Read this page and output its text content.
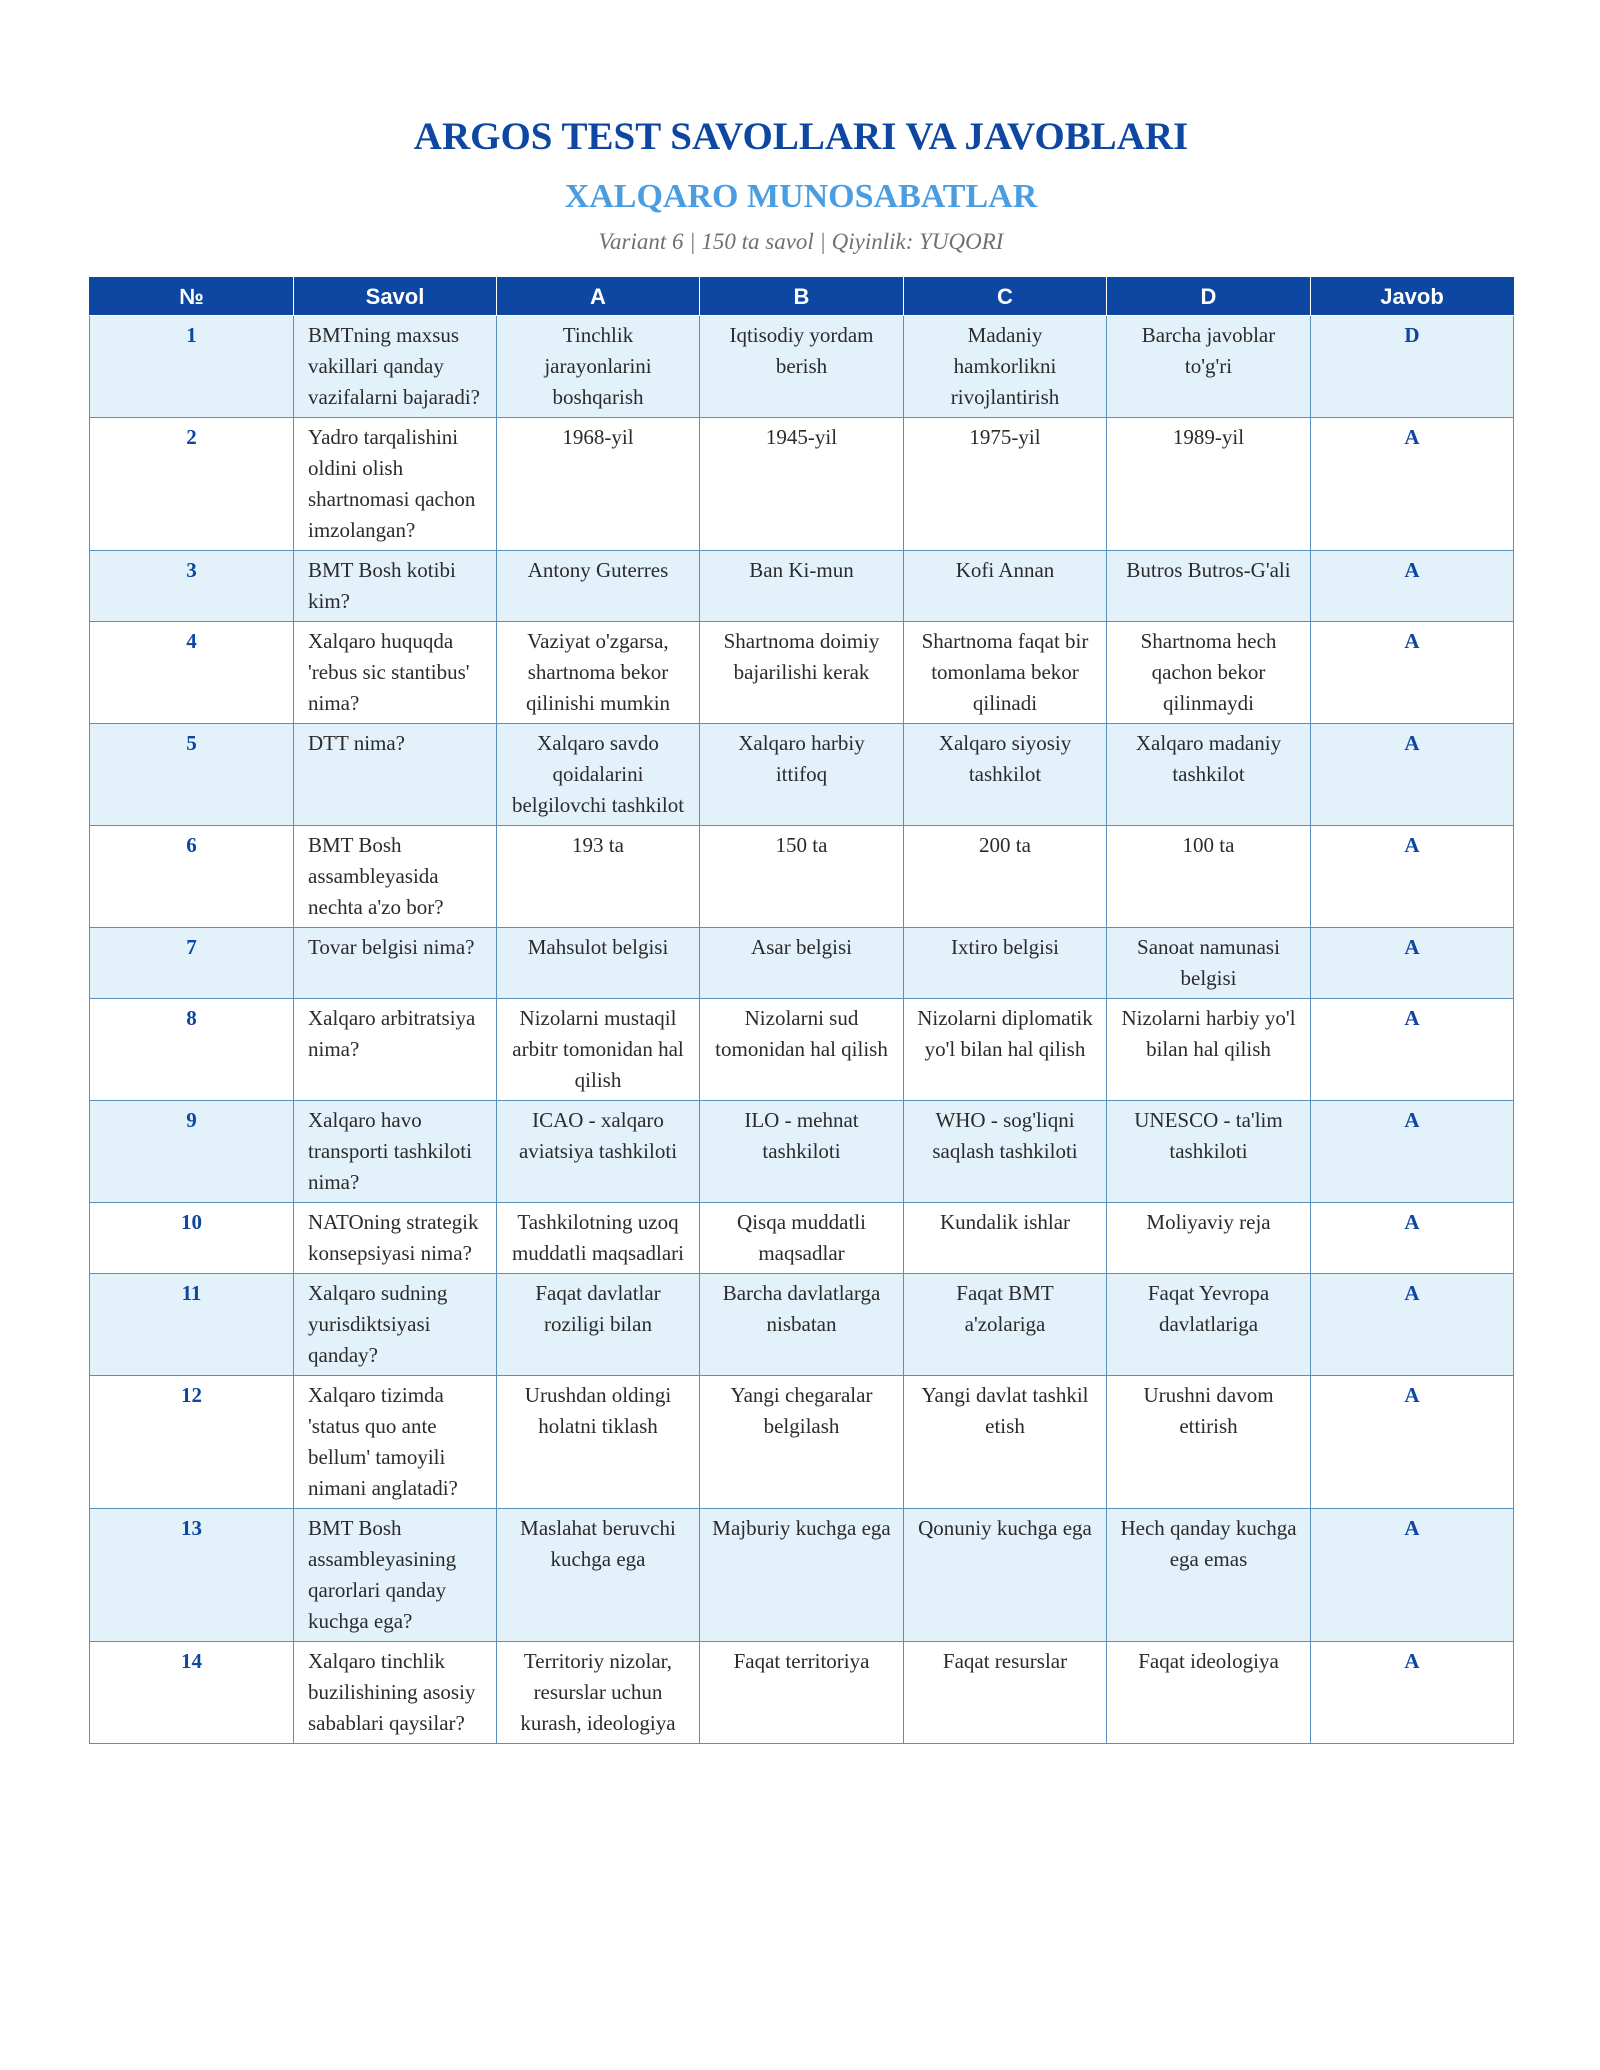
ARGOS TEST SAVOLLARI VA JAVOBLARI
XALQARO MUNOSABATLAR
Variant 6 | 150 ta savol | Qiyinlik: YUQORI
№	Savol	A	B	C	D	Javob
1	BMTning maxsus vakillari qanday vazifalarni bajaradi?	Tinchlik jarayonlarini boshqarish	Iqtisodiy yordam berish	Madaniy hamkorlikni rivojlantirish	Barcha javoblar to'g'ri	D
2	Yadro tarqalishini oldini olish shartnomasi qachon imzolangan?	1968-yil	1945-yil	1975-yil	1989-yil	A
3	BMT Bosh kotibi kim?	Antony Guterres	Ban Ki-mun	Kofi Annan	Butros Butros-G'ali	A
4	Xalqaro huquqda 'rebus sic stantibus' nima?	Vaziyat o'zgarsa, shartnoma bekor qilinishi mumkin	Shartnoma doimiy bajarilishi kerak	Shartnoma faqat bir tomonlama bekor qilinadi	Shartnoma hech qachon bekor qilinmaydi	A
5	DTT nima?	Xalqaro savdo qoidalarini belgilovchi tashkilot	Xalqaro harbiy ittifoq	Xalqaro siyosiy tashkilot	Xalqaro madaniy tashkilot	A
6	BMT Bosh assambleyasida nechta a'zo bor?	193 ta	150 ta	200 ta	100 ta	A
7	Tovar belgisi nima?	Mahsulot belgisi	Asar belgisi	Ixtiro belgisi	Sanoat namunasi belgisi	A
8	Xalqaro arbitratsiya nima?	Nizolarni mustaqil arbitr tomonidan hal qilish	Nizolarni sud tomonidan hal qilish	Nizolarni diplomatik yo'l bilan hal qilish	Nizolarni harbiy yo'l bilan hal qilish	A
9	Xalqaro havo transporti tashkiloti nima?	ICAO - xalqaro aviatsiya tashkiloti	ILO - mehnat tashkiloti	WHO - sog'liqni saqlash tashkiloti	UNESCO - ta'lim tashkiloti	A
10	NATOning strategik konsepsiyasi nima?	Tashkilotning uzoq muddatli maqsadlari	Qisqa muddatli maqsadlar	Kundalik ishlar	Moliyaviy reja	A
11	Xalqaro sudning yurisdiktsiyasi qanday?	Faqat davlatlar roziligi bilan	Barcha davlatlarga nisbatan	Faqat BMT a'zolariga	Faqat Yevropa davlatlariga	A
12	Xalqaro tizimda 'status quo ante bellum' tamoyili nimani anglatadi?	Urushdan oldingi holatni tiklash	Yangi chegaralar belgilash	Yangi davlat tashkil etish	Urushni davom ettirish	A
13	BMT Bosh assambleyasining qarorlari qanday kuchga ega?	Maslahat beruvchi kuchga ega	Majburiy kuchga ega	Qonuniy kuchga ega	Hech qanday kuchga ega emas	A
14	Xalqaro tinchlik buzilishining asosiy sabablari qaysilar?	Territoriy nizolar, resurslar uchun kurash, ideologiya	Faqat territoriya	Faqat resurslar	Faqat ideologiya	A
